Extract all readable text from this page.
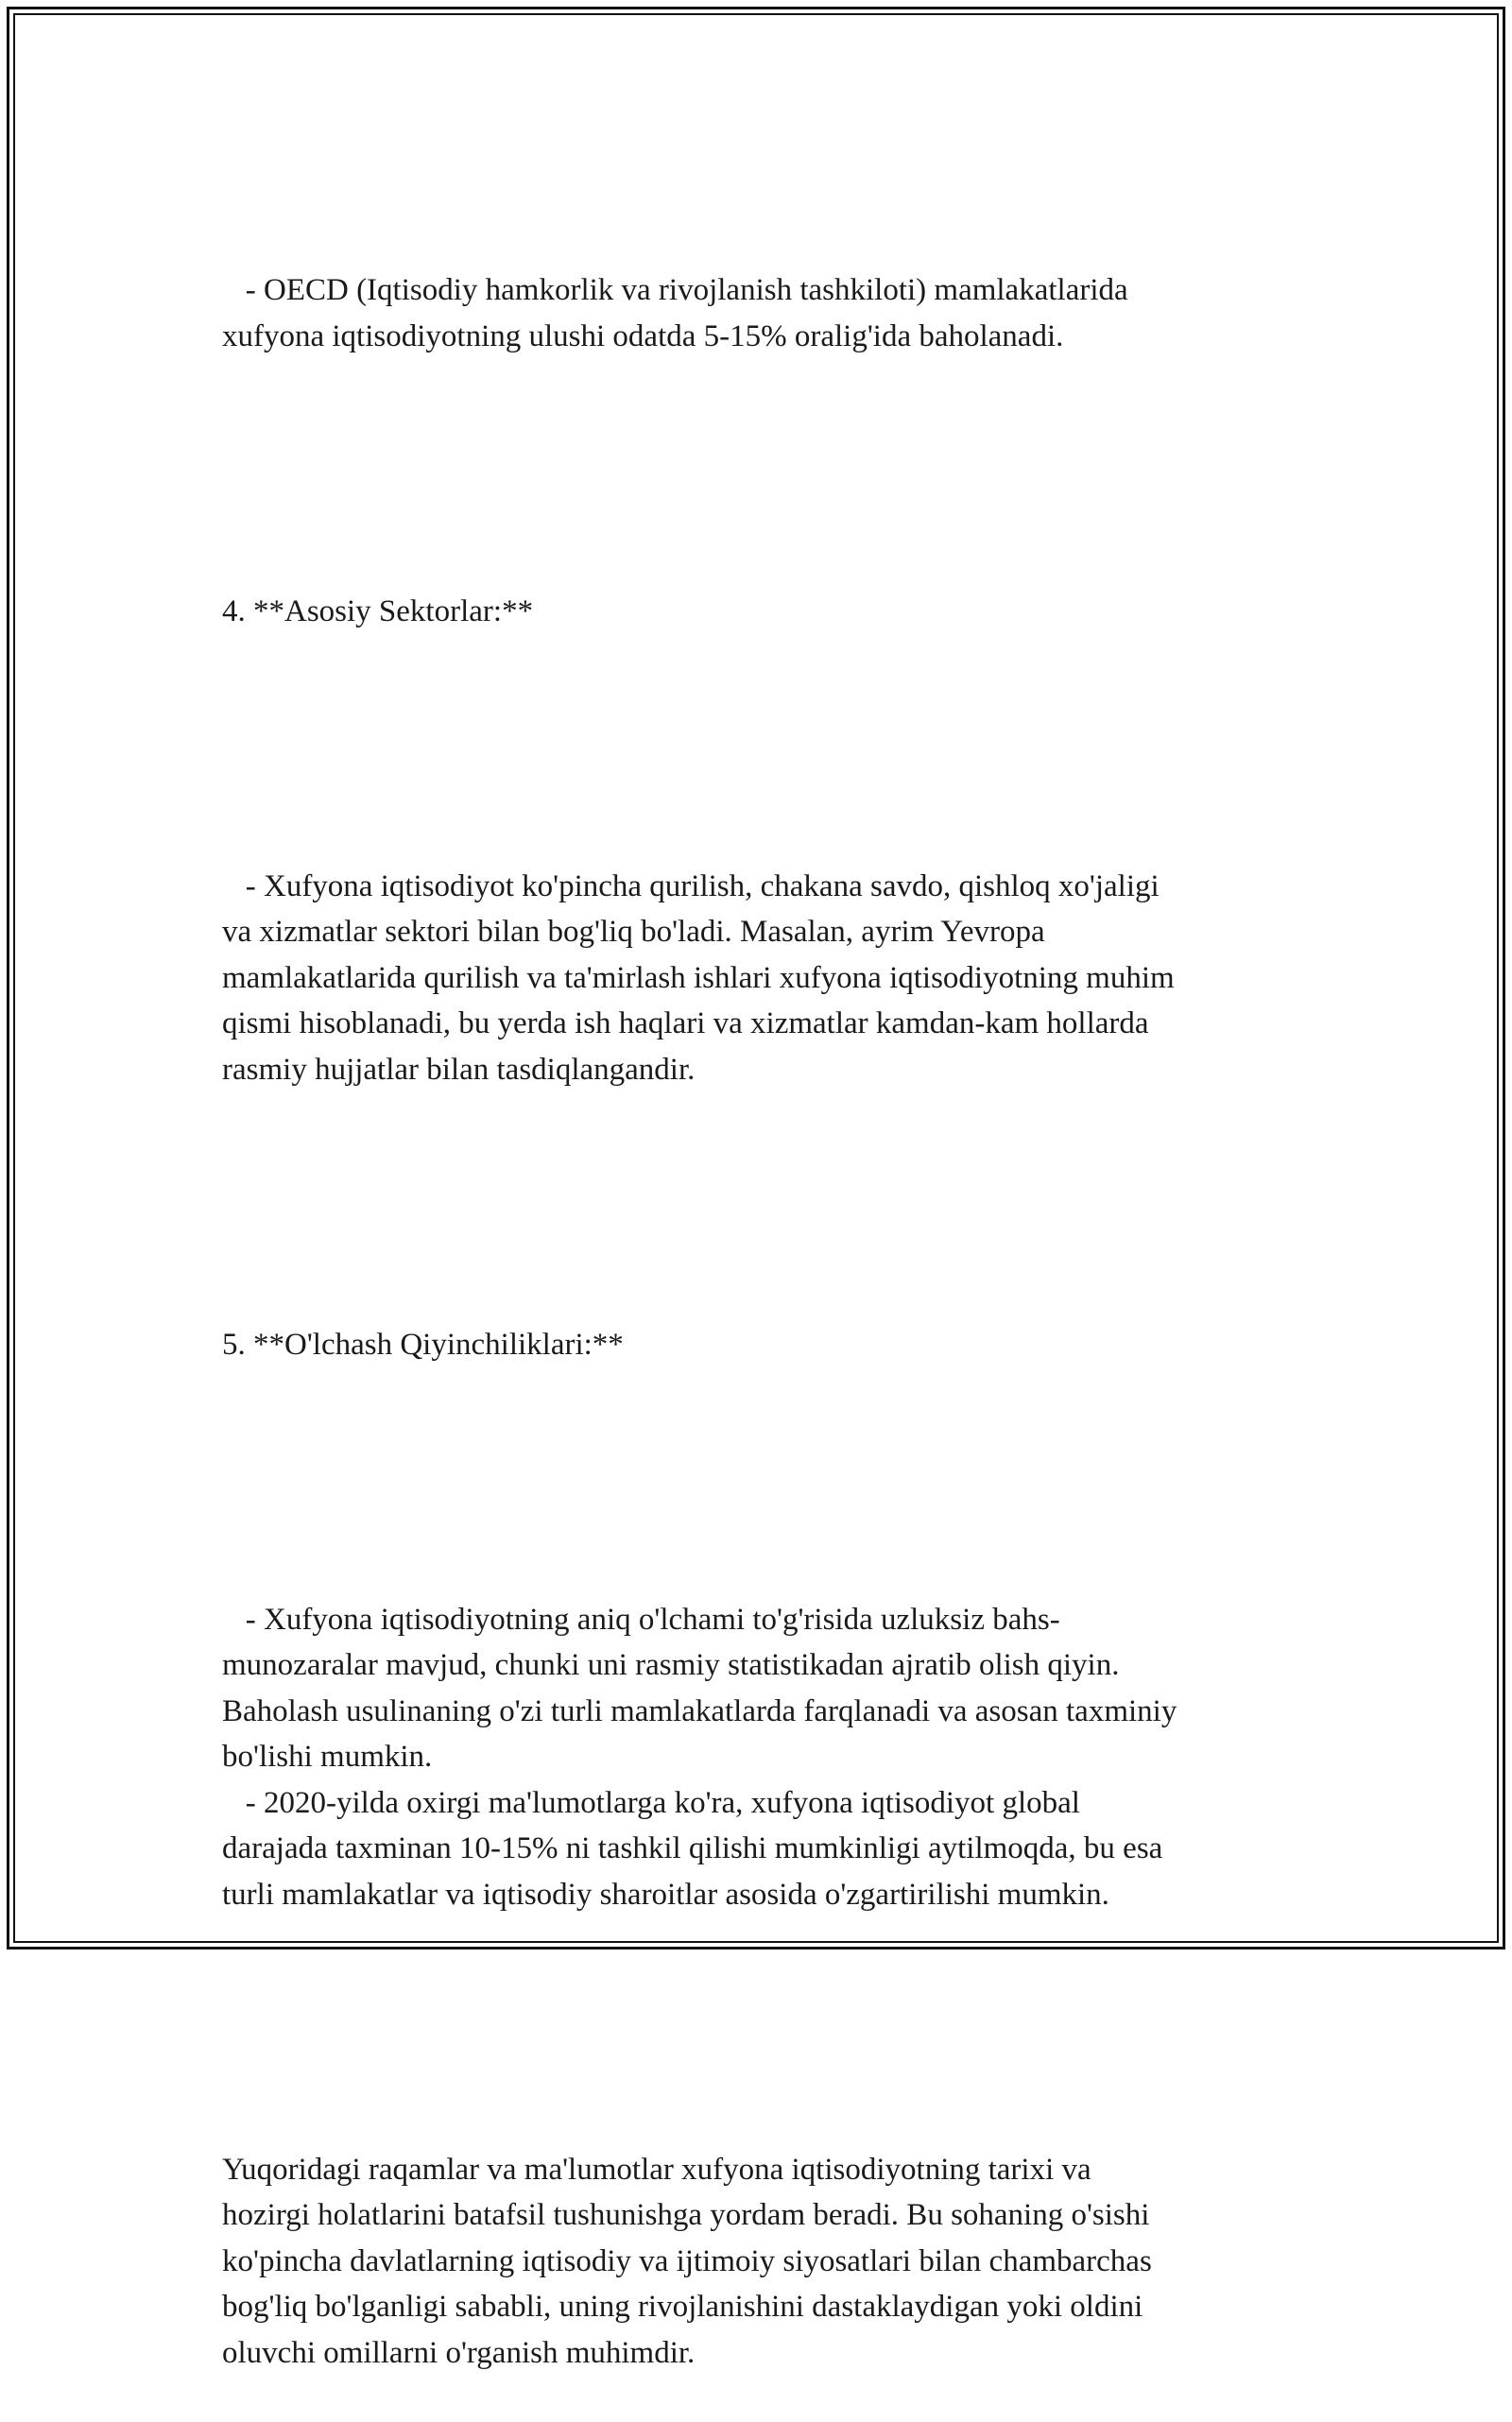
- OECD (Iqtisodiy hamkorlik va rivojlanish tashkiloti) mamlakatlarida
xufyona iqtisodiyotning ulushi odatda 5-15% oralig'ida baholanadi.

4. **Asosiy Sektorlar:**

- Xufyona iqtisodiyot ko'pincha qurilish, chakana savdo, qishloq xo'jaligi
va xizmatlar sektori bilan bog'liq bo'ladi. Masalan, ayrim Yevropa
mamlakatlarida qurilish va ta'mirlash ishlari xufyona iqtisodiyotning muhim
qismi hisoblanadi, bu yerda ish haqlari va xizmatlar kamdan-kam hollarda
rasmiy hujjatlar bilan tasdiqlangandir.

5. **O'lchash Qiyinchiliklari:**

- Xufyona iqtisodiyotning aniq o'lchami to'g'risida uzluksiz bahs-
munozaralar mavjud, chunki uni rasmiy statistikadan ajratib olish qiyin.
Baholash usulinaning o'zi turli mamlakatlarda farqlanadi va asosan taxminiy
bo'lishi mumkin.
- 2020-yilda oxirgi ma'lumotlarga ko'ra, xufyona iqtisodiyot global
darajada taxminan 10-15% ni tashkil qilishi mumkinligi aytilmoqda, bu esa
turli mamlakatlar va iqtisodiy sharoitlar asosida o'zgartirilishi mumkin.

Yuqoridagi raqamlar va ma'lumotlar xufyona iqtisodiyotning tarixi va
hozirgi holatlarini batafsil tushunishga yordam beradi. Bu sohaning o'sishi
ko'pincha davlatlarning iqtisodiy va ijtimoiy siyosatlari bilan chambarchas
bog'liq bo'lganligi sababli, uning rivojlanishini dastaklaydigan yoki oldini
oluvchi omillarni o'rganish muhimdir.
